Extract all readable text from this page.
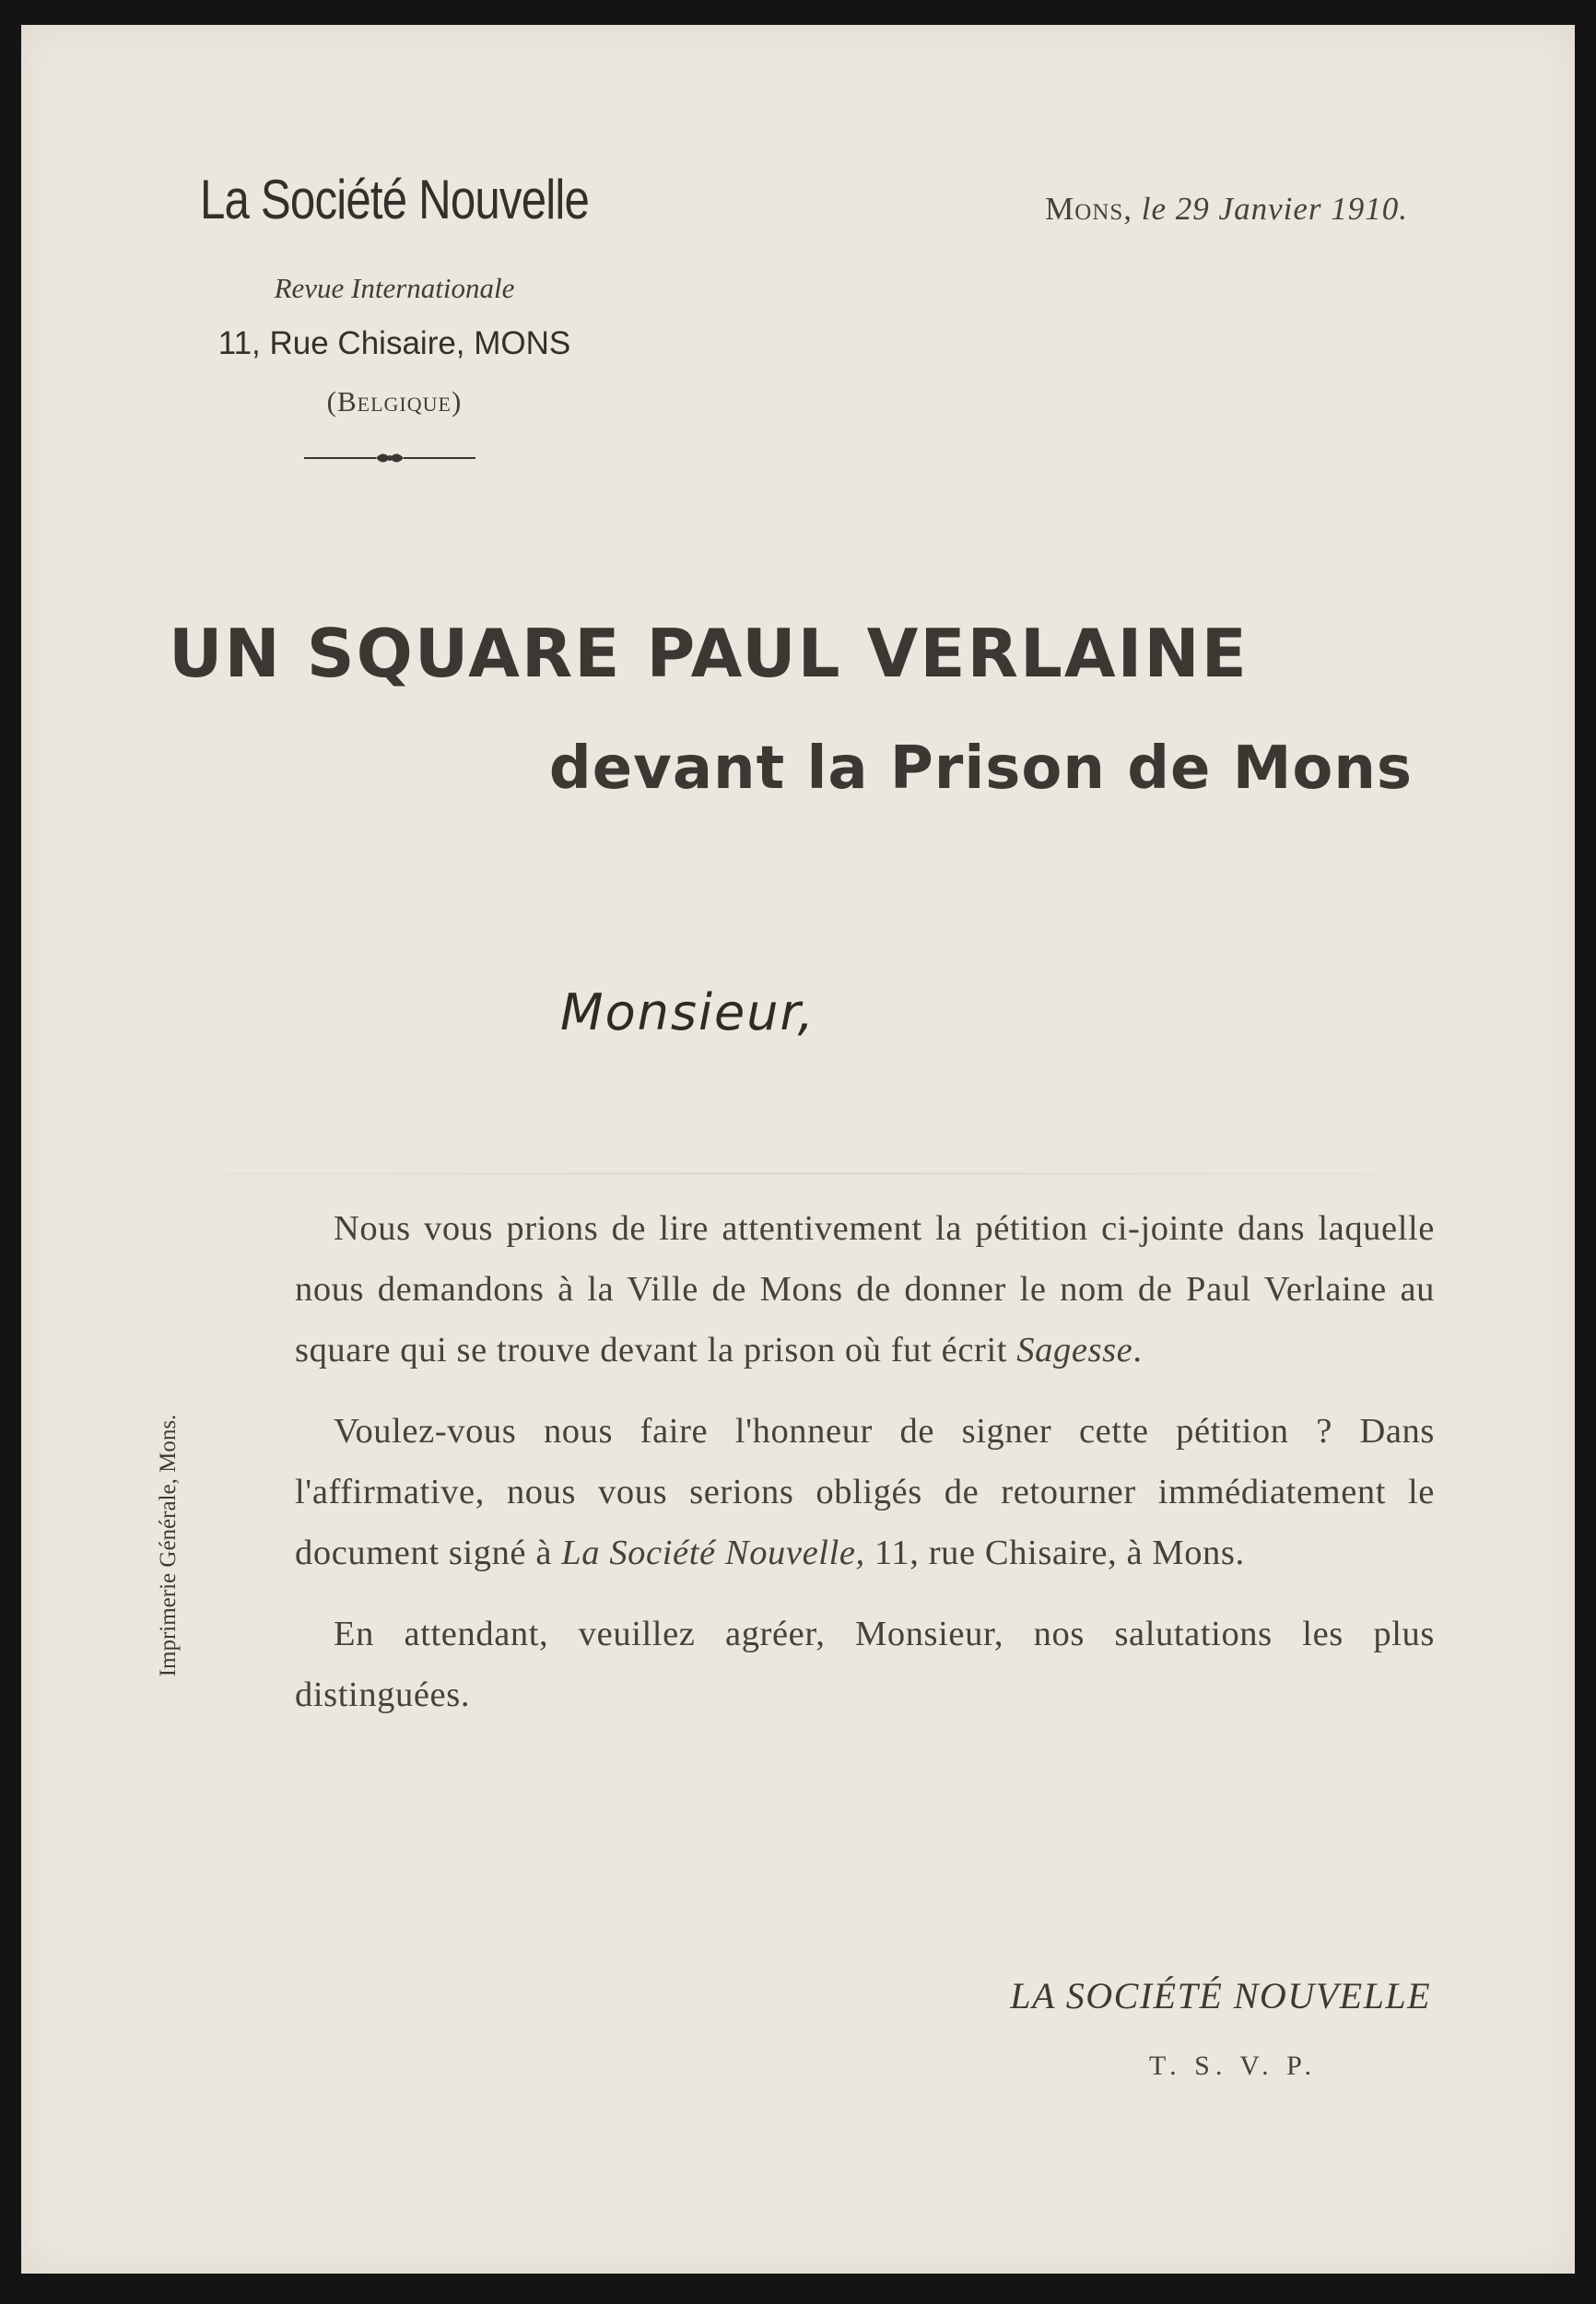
La Société Nouvelle
Revue Internationale
11, Rue Chisaire, MONS
(Belgique)
Mons, le 29 Janvier 1910.
UN SQUARE PAUL VERLAINE
devant la Prison de Mons
Monsieur,

Nous vous prions de lire attentivement la pétition ci-jointe dans laquelle nous demandons à la Ville de Mons de donner le nom de Paul Verlaine au square qui se trouve devant la prison où fut écrit Sagesse.

Voulez-vous nous faire l'honneur de signer cette pétition ? Dans l'affirmative, nous vous serions obligés de retourner immédiatement le document signé à La Société Nouvelle, 11, rue Chisaire, à Mons.

En attendant, veuillez agréer, Monsieur, nos salutations les plus distinguées.

LA SOCIÉTÉ NOUVELLE
T. S. V. P.
Imprimerie Générale, Mons.
